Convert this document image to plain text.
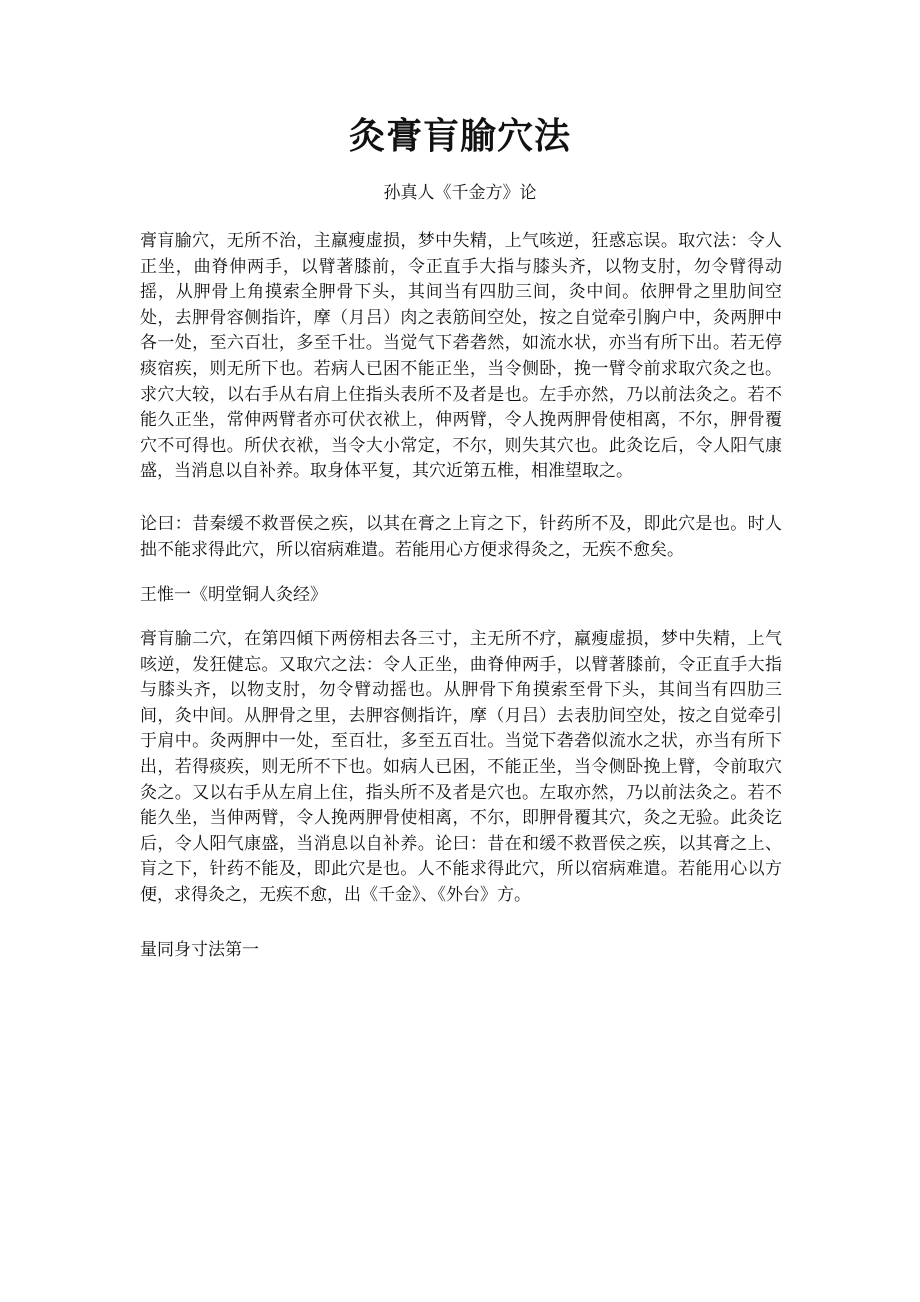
灸膏肓腧穴法

孙真人《千金方》论

膏肓腧穴，无所不治，主羸瘦虚损，梦中失精，上气咳逆，狂惑忘误。取穴法：令人正坐，曲脊伸两手，以臂著膝前，令正直手大指与膝头齐，以物支肘，勿令臂得动摇，从胛骨上角摸索全胛骨下头，其间当有四肋三间，灸中间。依胛骨之里肋间空处，去胛骨容侧指许，摩（月吕）肉之表筋间空处，按之自觉牵引胸户中，灸两胛中各一处，至六百壮，多至千壮。当觉气下砻砻然，如流水状，亦当有所下出。若无停痰宿疾，则无所下也。若病人已困不能正坐，当令侧卧，挽一臂令前求取穴灸之也。求穴大较，以右手从右肩上住指头表所不及者是也。左手亦然，乃以前法灸之。若不能久正坐，常伸两臂者亦可伏衣袱上，伸两臂，令人挽两胛骨使相离，不尔，胛骨覆穴不可得也。所伏衣袱，当令大小常定，不尔，则失其穴也。此灸讫后，令人阳气康盛，当消息以自补养。取身体平复，其穴近第五椎，相准望取之。

论曰：昔秦缓不救晋侯之疾，以其在膏之上肓之下，针药所不及，即此穴是也。时人拙不能求得此穴，所以宿病难遣。若能用心方便求得灸之，无疾不愈矣。

王惟一《明堂铜人灸经》

膏肓腧二穴，在第四傾下两傍相去各三寸，主无所不疗，羸瘦虚损，梦中失精，上气咳逆，发狂健忘。又取穴之法：令人正坐，曲脊伸两手，以臂著膝前，令正直手大指与膝头齐，以物支肘，勿令臂动摇也。从胛骨下角摸索至骨下头，其间当有四肋三间，灸中间。从胛骨之里，去胛容侧指许，摩（月吕）去表肋间空处，按之自觉牵引于肩中。灸两胛中一处，至百壮，多至五百壮。当觉下砻砻似流水之状，亦当有所下出，若得痰疾，则无所不下也。如病人已困，不能正坐，当令侧卧挽上臂，令前取穴灸之。又以右手从左肩上住，指头所不及者是穴也。左取亦然，乃以前法灸之。若不能久坐，当伸两臂，令人挽两胛骨使相离，不尔，即胛骨覆其穴，灸之无验。此灸讫后，令人阳气康盛，当消息以自补养。论曰：昔在和缓不救晋侯之疾，以其膏之上、肓之下，针药不能及，即此穴是也。人不能求得此穴，所以宿病难遣。若能用心以方便，求得灸之，无疾不愈，出《千金》、《外台》方。

量同身寸法第一
